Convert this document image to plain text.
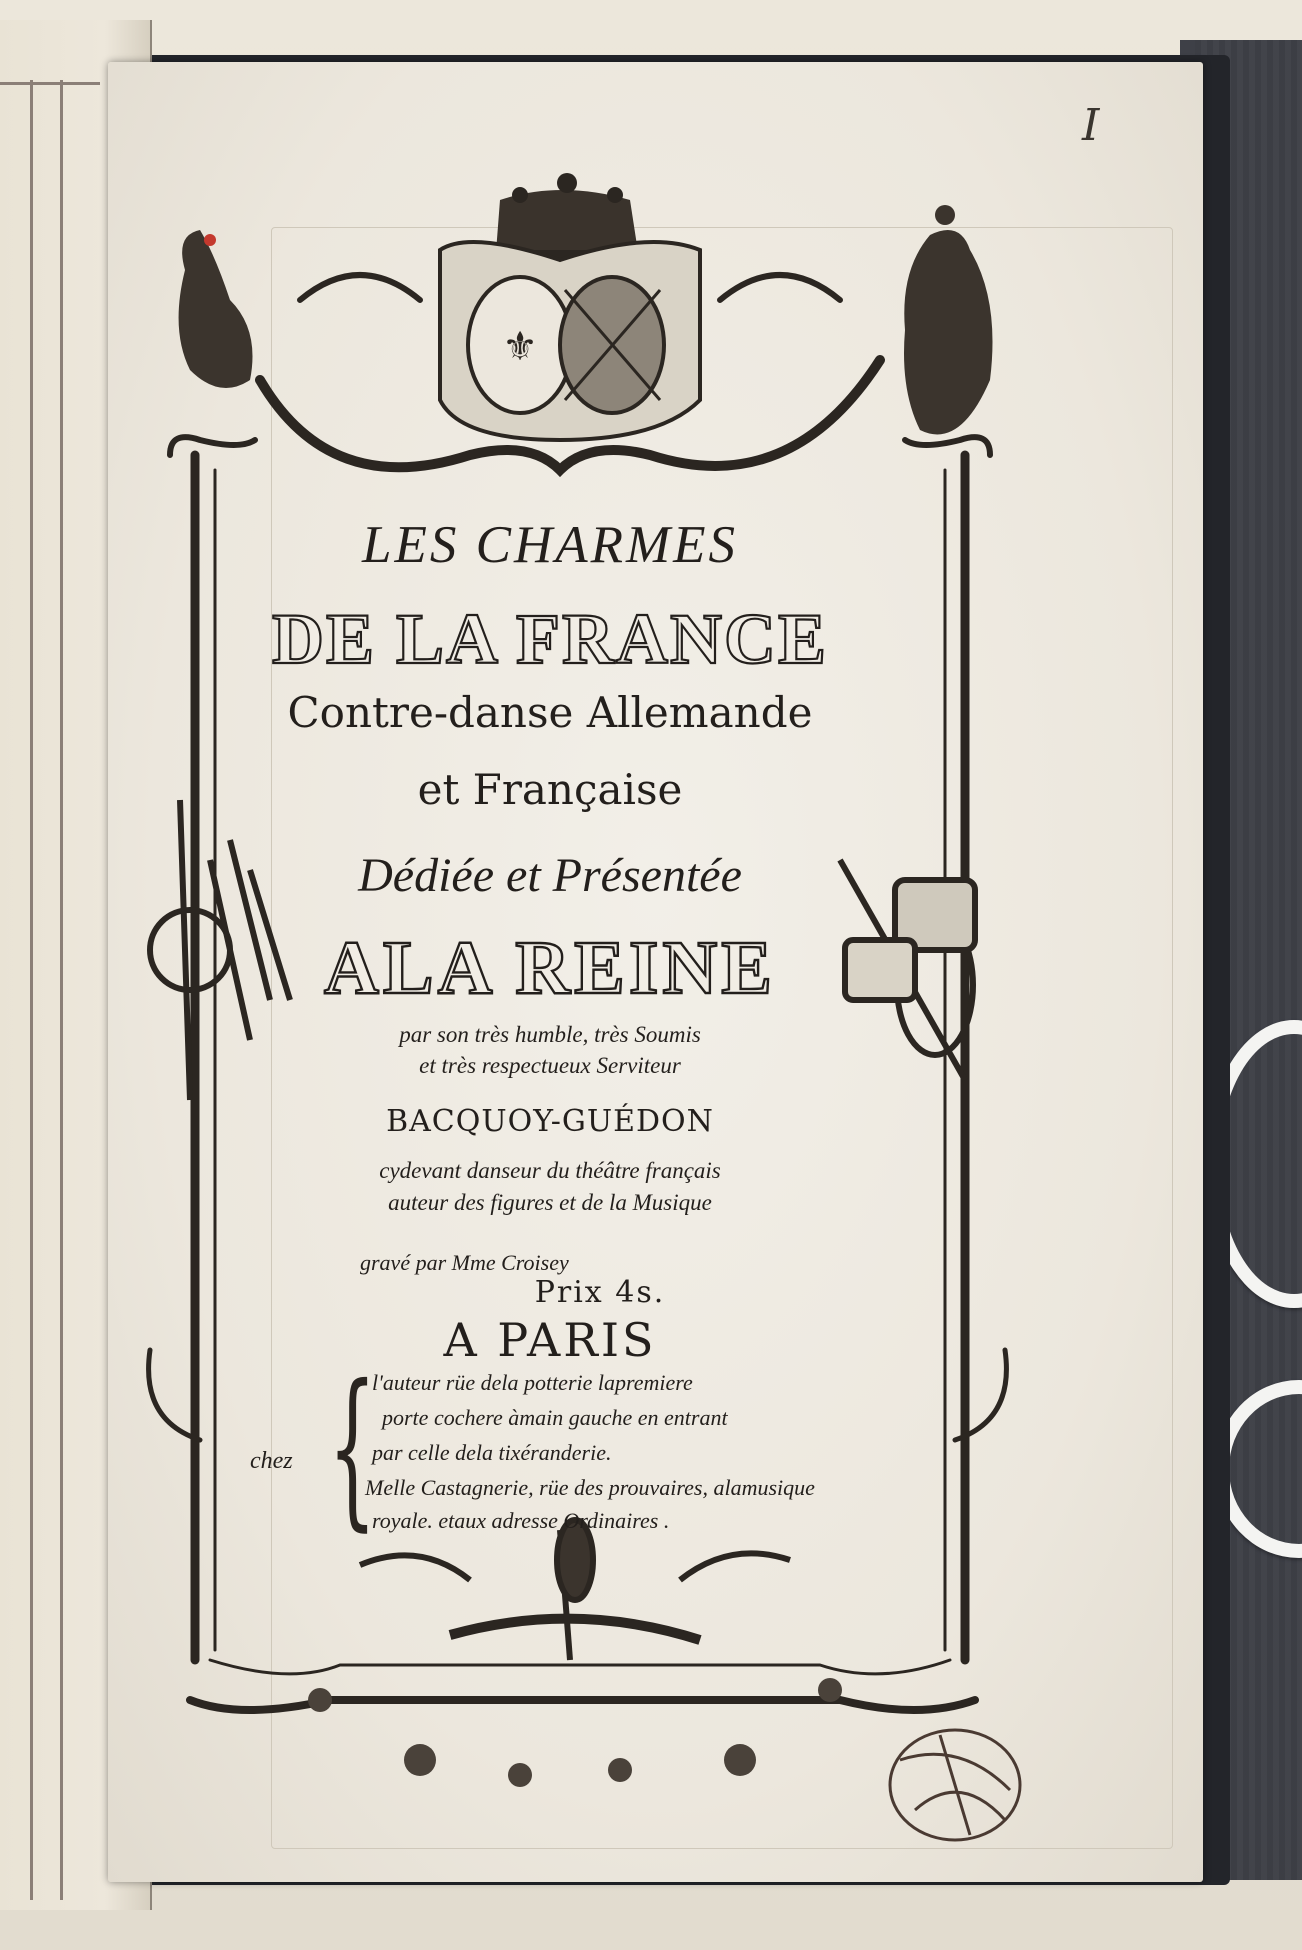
I
⚜
LES CHARMES
DE LA FRANCE
Contre-danse Allemande
et Française
Dédiée et Présentée
ALA REINE
par son très humble, très Soumis
et très respectueux Serviteur
BACQUOY-GUÉDON
cydevant danseur du théâtre français
auteur des figures et de la Musique
gravé par Mme Croisey
Prix 4s.
A PARIS
{
chez
l'auteur rüe dela potterie lapremiere
porte cochere àmain gauche en entrant
par celle dela tixéranderie.
Melle Castagnerie, rüe des prouvaires, alamusique
royale. etaux adresse Ordinaires .
